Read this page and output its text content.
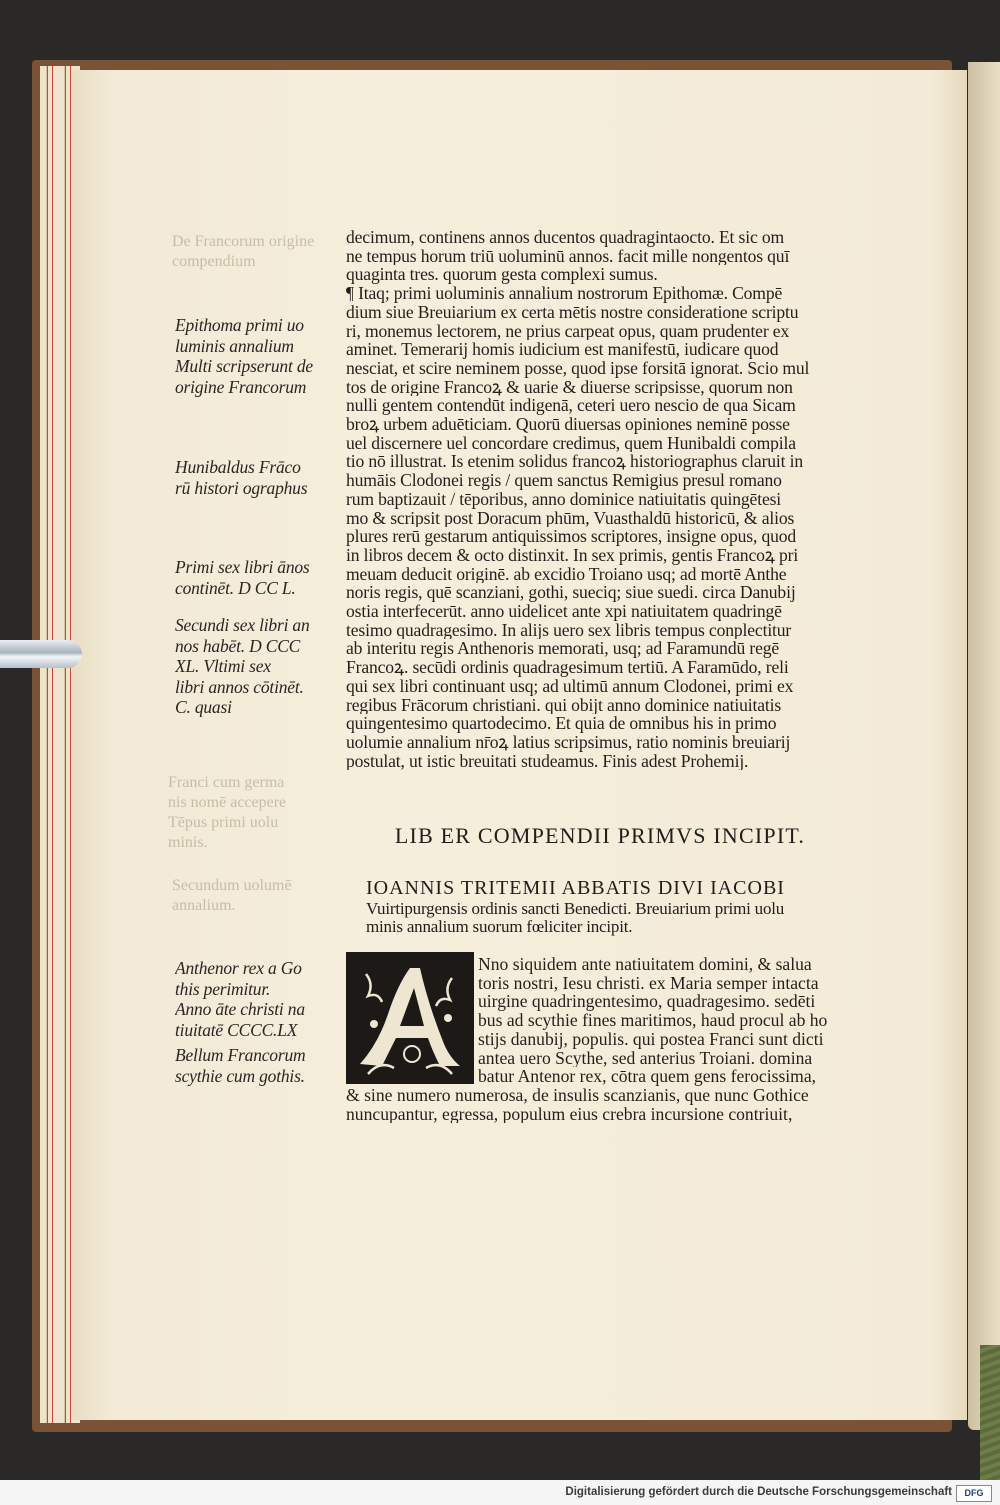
De Francorum origine compendium
Epithoma primi uo
luminis annalium
Multi scripserunt de
origine Francorum
Hunibaldus Frāco
rū histori ographus
Primi sex libri ānos
continēt. D CC L.
Secundi sex libri an
nos habēt. D CCC
XL. Vltimi sex
libri annos cōtinēt.
C. quasi
Franci cum germa
nis nomē accepere
Tēpus primi uolu
minis.
Secundum uolumē
annalium.
Anthenor rex a Go
this perimitur.
Anno āte christi na
tiuitatē CCCC.LX
Bellum Francorum
scythie cum gothis.
decimum, continens annos ducentos quadragintaocto. Et sic om
ne tempus horum triū uoluminū annos. facit mille nongentos quī
quaginta tres. quorum gesta complexi sumus.
¶ Itaq; primi uoluminis annalium nostrorum Epithomæ. Compē
dium siue Breuiarium ex certa mētis nostre consideratione scriptu
ri, monemus lectorem, ne prius carpeat opus, quam prudenter ex
aminet. Temerarij homis iudicium est manifestū, iudicare quod
nesciat, et scire neminem posse, quod ipse forsitā ignorat. Scio mul
tos de origine Francoꝝ & uarie & diuerse scripsisse, quorum non
nulli gentem contendūt indigenā, ceteri uero nescio de qua Sicam
broꝝ urbem aduēticiam. Quorū diuersas opiniones neminē posse
uel discernere uel concordare credimus, quem Hunibaldi compila
tio nō illustrat. Is etenim solidus francoꝝ historiographus claruit in
humāis Clodonei regis / quem sanctus Remigius presul romano
rum baptizauit / tēporibus, anno dominice natiuitatis quingētesi
mo & scripsit post Doracum phūm, Vuasthaldū historicū, & alios
plures rerū gestarum antiquissimos scriptores, insigne opus, quod
in libros decem & octo distinxit. In sex primis, gentis Francoꝝ pri
meuam deducit originē. ab excidio Troiano usq; ad mortē Anthe
noris regis, quē scanziani, gothi, sueciq; siue suedi. circa Danubij
ostia interfecerūt. anno uidelicet ante xpi natiuitatem quadringē
tesimo quadragesimo. In alijs uero sex libris tempus conplectitur
ab interitu regis Anthenoris memorati, usq; ad Faramundū regē
Francoꝝ. secūdi ordinis quadragesimum tertiū. A Faramūdo, reli
qui sex libri continuant usq; ad ultimū annum Clodonei, primi ex
regibus Frācorum christiani. qui obijt anno dominice natiuitatis
quingentesimo quartodecimo. Et quia de omnibus his in primo
uolumie annalium nr̄oꝝ latius scripsimus, ratio nominis breuiarij
postulat, ut istic breuitati studeamus. Finis adest Prohemij.
LIB ER COMPENDII PRIMVS INCIPIT.
IOANNIS TRITEMII ABBATIS DIVI IACOBI
Vuirtipurgensis ordinis sancti Benedicti. Breuiarium primi uolu
minis annalium suorum fœliciter incipit.
Nno siquidem ante natiuitatem domini, & salua
toris nostri, Iesu christi. ex Maria semper intacta
uirgine quadringentesimo, quadragesimo. sedēti
bus ad scythie fines maritimos, haud procul ab ho
stijs danubij, populis. qui postea Franci sunt dicti
antea uero Scythe, sed anterius Troiani. domina
batur Antenor rex, cōtra quem gens ferocissima,
& sine numero numerosa, de insulis scanzianis, que nunc Gothice
nuncupantur, egressa, populum eius crebra incursione contriuit,
Digitalisierung gefördert durch die Deutsche Forschungsgemeinschaft	DFG
